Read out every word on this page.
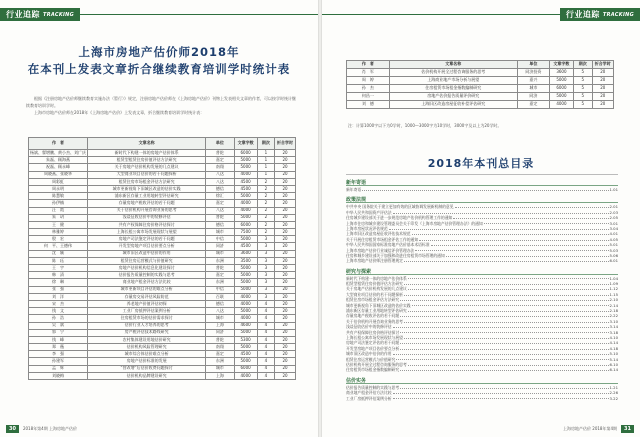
行业追踪 TRACKING
上海市房地产估价师2018年
在本刊上发表文章折合继续教育培训学时统计表

根据《注册房地产估价师继续教育实施办法（暂行）》规定，注册房地产估价师在《上海房地产估价》刊物上发表相关文章的作者，可以按学时统计继续教育培训学时。

上海市房地产估价师在2018年《上海房地产估价》上发表文章，折合继续教育培训学时统计表：

作　者	文章名称	单位	文章字数	期次	折合学时
杨斌、翟增鹏、黄小杰、刘广庆	新时代下构建一体的房地产估价体系	普陀	6000	1	20
朱磊、顾海燕	租赁型租赁住房价值评估方法研究	嘉定	5000	1	20
祝磊、顾永峰	关于房地产估价机构发展的几点建议	南翔	5000	1	20
周晓燕、张晓华	大型商业项目估价的若干问题探析	八达	4000	1	20
周彩虹	租赁住房市场租金评估方法研究	八达	4500	2	20
周永明	城市更新视角下旧城区改造的估价实践	德信	4500	2	20
陈慧敏	浦东新区存量工业用地转型评估研究	徐汇	5000	2	20
孙伊楠	存量房地产税收评估的若干问题	嘉定	4000	2	20
汪　霞	关于估价机构开展咨询业务的思考	八达	4000	2	20
朱　玥	浅谈征收估价中的装修评估	普陀	5000	2	20
王　健	共有产权保障住房价格评估探讨	德信	6000	2	20
林雅婷	上海长租公寓市场发展现状与展望	城市	7500	2	20
殷　宏	房地产司法鉴定评估的若干问题	中信	5000	3	20
何　平、王德伟	开发型房地产项目估价要点分析	同济	4500	3	20
沈　颖	城市旧区改造中估价的作用	城市	3600	3	20
陈　珏	租赁住房运营模式与价值研究	东洲	3500	3	20
王　宇	房地产估价机构信息化建设探讨	普陀	5000	3	20
韩　清	估价报告质量控制的实践与思考	嘉定	5000	3	20
徐　琳	商业地产租金评估方法比较	东洲	5000	3	20
张　强	城市更新项目评估的难点分析	中信	5000	3	20
刘　洋	存量房交易评估风险防范	百联	4000	3	20
宋　杰	养老地产价值评估初探	德信	4000	4	20
钱　文	工业厂房抵押评估案例分析	八达	5000	4	20
孙　浩	住房租赁市场的估价需求探讨	城市	4000	4	20
吴　斌	估价行业人才培养的思考	上海	4600	4	20
郭　宁	房产税评估技术路线研究	同济	5000	4	20
钱　峰	农村集体建设用地估价研究	普陀	5300	4	20
郑　薇	估价机构风险管理研究	南翔	5000	4	20
李　强	城市综合体估价难点分析	嘉定	4500	4	20
孙建军	房地产估价标准的发展	东洲	5000	4	20
孟　辉	“营改增”后估价收费问题探讨	城市	6000	4	20
刘晓梅	估价机构品牌建设研究	上海	4000	4	20
30	2018年第4期 上海房地产估价
行业追踪 TRACKING
作　者	文章名称	单位	文章字数	期次	折合学时
肖　军	估价机构开展全过程咨询服务的思考	同济投资	3600	5	20
周　婷	上海商业地产市场分析与展望	嘉兴	5000	5	20
孙　杰	住房租赁市场租金指数编制研究	城市	6000	5	20
何昌一	房地产估价报告质量评价研究	同济	5000	5	20
刘　德	上海旧区改造房屋征收补偿评估研究	嘉定	4000	5	20
注：计算1000字以下为0学时，1000—3000字为10学时，3000字及以上为20学时。
2018年本刊总目录
新年寄语
新年寄语	1.01
政策法规
中共中央 国务院关于建立更加有效的区域协调发展新机制的意见	2.01
中华人民共和国资产评估法	2.03
住房城乡建设部关于进一步规范房地产估价机构管理工作的通知	2.05
上海市住房和城乡建设管理委员会关于印发《上海市房地产估价管理办法》的通知	3.01
上海市房屋状况评估规范	3.04
上海市旧区改造房屋征收评估技术规范	4.01
关于开展住房租赁市场租金评估工作的通知	4.05
中华人民共和国国家标准房地产估价基本术语标准	5.01
上海市房地产估价行业诚信评价管理办法	5.03
住房和城乡建设部关于加强和改进住房租赁市场管理的通知	5.06
上海市房地产估价师注册管理规定	6.01
研究与探索
新时代下构建一体的房地产估价体系	1.04
租赁型租赁住房价值评估方法研究	1.09
关于房地产估价机构发展的几点建议	1.12
大型商业项目估价的若干问题探析	1.15
租赁住房市场租金评估方法研究	2.10
城市更新视角下旧城区改造的估价实践	2.14
浦东新区存量工业用地转型评估研究	2.18
存量房地产税收评估的若干问题	2.22
关于估价机构开展咨询业务的思考	3.10
浅谈征收估价中的装修评估	3.14
共有产权保障住房价格评估探讨	3.18
上海长租公寓市场发展现状与展望	4.10
房地产司法鉴定评估的若干问题	4.14
开发型房地产项目估价要点分析	4.18
城市旧区改造中估价的作用	5.10
租赁住房运营模式与价值研究	5.14
估价机构开展全过程咨询服务的思考	6.10
住房租赁市场租金指数编制研究	6.14
估价实务
估价报告质量控制的实践与思考	1.21
商业地产租金评估方法比较	2.26
工业厂房抵押评估案例分析	3.22
上海房地产估价 2018年第4期	31
